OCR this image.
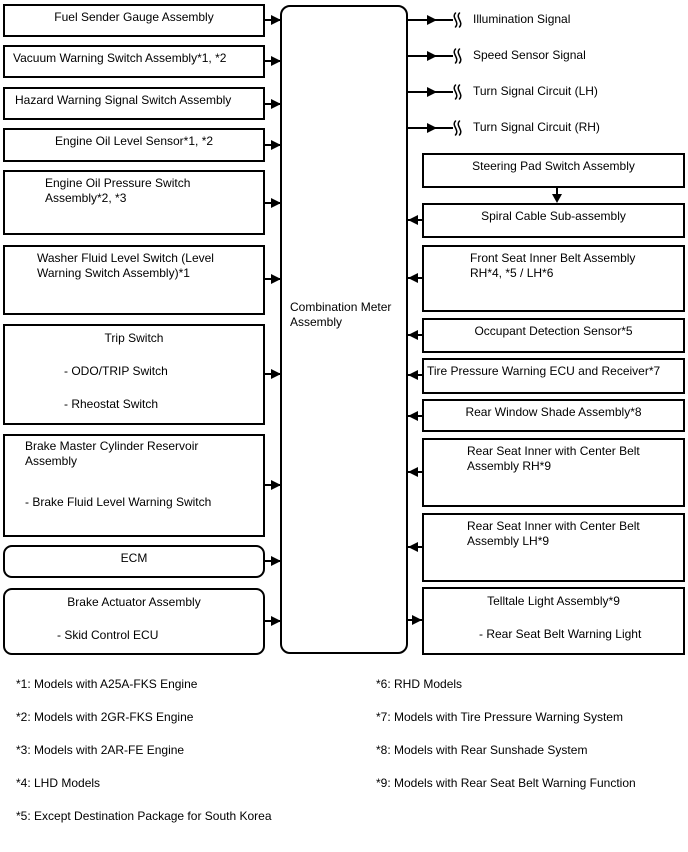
Fuel Sender Gauge Assembly
Vacuum Warning Switch Assembly*1, *2
Hazard Warning Signal Switch Assembly
Engine Oil Level Sensor*1, *2
Engine Oil Pressure Switch
Assembly*2, *3
Washer Fluid Level Switch (Level
Warning Switch Assembly)*1
Trip Switch
- ODO/TRIP Switch
- Rheostat Switch
Brake Master Cylinder Reservoir
Assembly
- Brake Fluid Level Warning Switch
ECM
Brake Actuator Assembly
- Skid Control ECU
Combination Meter
Assembly
Steering Pad Switch Assembly
Spiral Cable Sub-assembly
Front Seat Inner Belt Assembly
RH*4, *5 / LH*6
Occupant Detection Sensor*5
Tire Pressure Warning ECU and Receiver*7
Rear Window Shade Assembly*8
Rear Seat Inner with Center Belt
Assembly RH*9
Rear Seat Inner with Center Belt
Assembly LH*9
Telltale Light Assembly*9
- Rear Seat Belt Warning Light
Illumination Signal
Speed Sensor Signal
Turn Signal Circuit (LH)
Turn Signal Circuit (RH)
*1: Models with A25A-FKS Engine
*2: Models with 2GR-FKS Engine
*3: Models with 2AR-FE Engine
*4: LHD Models
*5: Except Destination Package for South Korea
*6: RHD Models
*7: Models with Tire Pressure Warning System
*8: Models with Rear Sunshade System
*9: Models with Rear Seat Belt Warning Function
